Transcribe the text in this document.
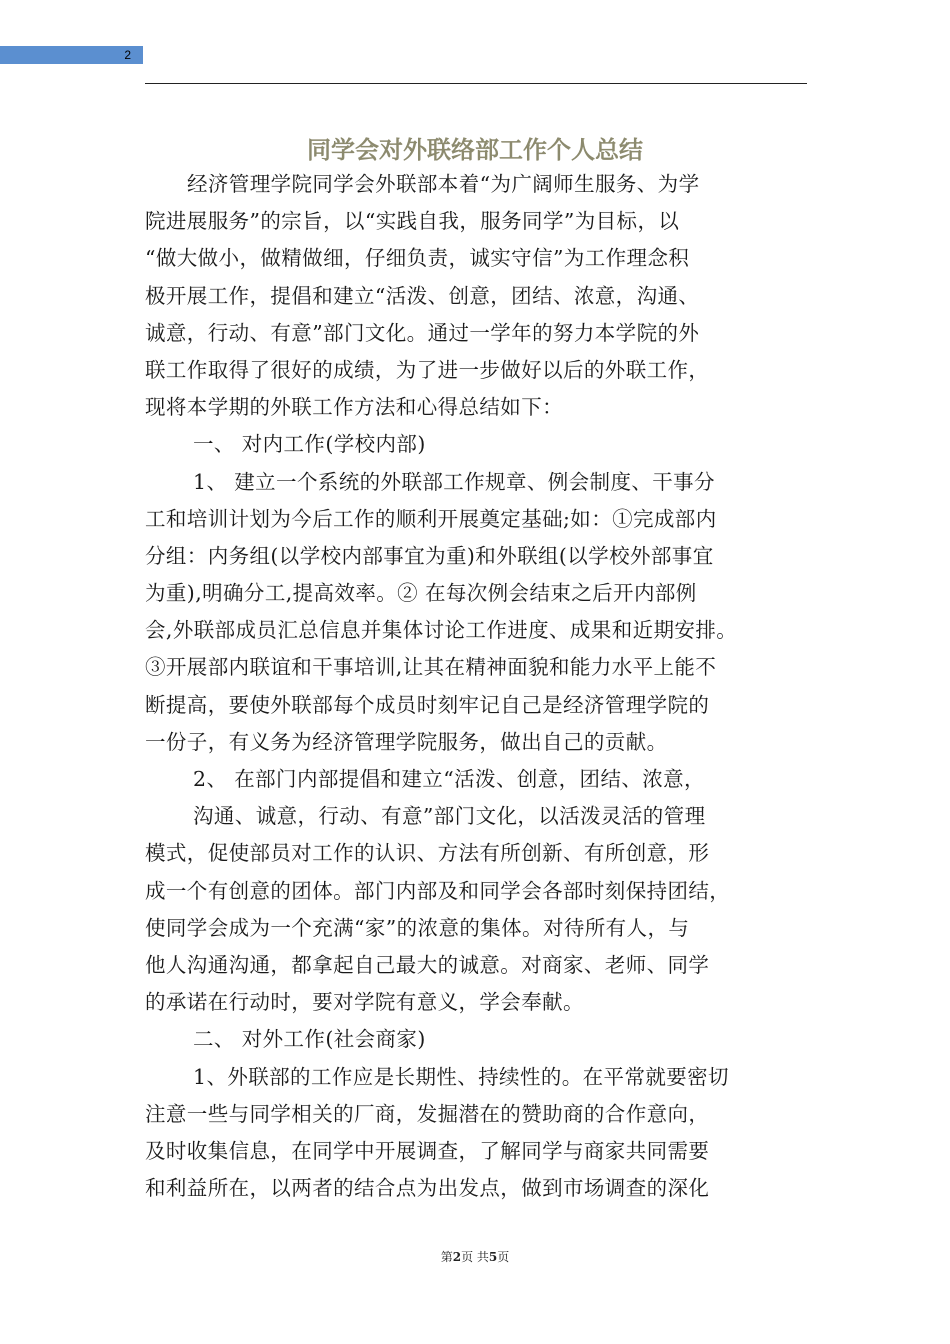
2
同学会对外联络部工作个人总结
经济管理学院同学会外联部本着“为广阔师生服务、为学
院进展服务”的宗旨，以“实践自我，服务同学”为目标，以
“做大做小，做精做细，仔细负责，诚实守信”为工作理念积
极开展工作，提倡和建立“活泼、创意，团结、浓意，沟通、
诚意，行动、有意”部门文化。通过一学年的努力本学院的外
联工作取得了很好的成绩，为了进一步做好以后的外联工作，
现将本学期的外联工作方法和心得总结如下：
一、 对内工作(学校内部)
1、 建立一个系统的外联部工作规章、例会制度、干事分
工和培训计划为今后工作的顺利开展奠定基础;如：①完成部内
分组：内务组(以学校内部事宜为重)和外联组(以学校外部事宜
为重),明确分工,提高效率。② 在每次例会结束之后开内部例
会,外联部成员汇总信息并集体讨论工作进度、成果和近期安排。
③开展部内联谊和干事培训,让其在精神面貌和能力水平上能不
断提高，要使外联部每个成员时刻牢记自己是经济管理学院的
一份子，有义务为经济管理学院服务，做出自己的贡献。
2、 在部门内部提倡和建立“活泼、创意，团结、浓意，
沟通、诚意，行动、有意”部门文化，以活泼灵活的管理
模式，促使部员对工作的认识、方法有所创新、有所创意，形
成一个有创意的团体。部门内部及和同学会各部时刻保持团结，
使同学会成为一个充满“家”的浓意的集体。对待所有人，与
他人沟通沟通，都拿起自己最大的诚意。对商家、老师、同学
的承诺在行动时，要对学院有意义，学会奉献。
二、 对外工作(社会商家)
1、外联部的工作应是长期性、持续性的。在平常就要密切
注意一些与同学相关的厂商，发掘潜在的赞助商的合作意向，
及时收集信息，在同学中开展调查，了解同学与商家共同需要
和利益所在，以两者的结合点为出发点，做到市场调查的深化
第2页 共5页
